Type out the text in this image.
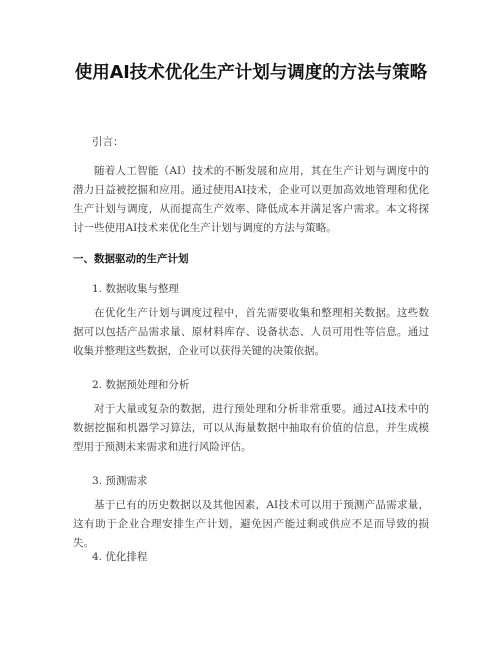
使用AI技术优化生产计划与调度的方法与策略

引言：

随着人工智能（AI）技术的不断发展和应用，其在生产计划与调度中的潜力日益被挖掘和应用。通过使用AI技术，企业可以更加高效地管理和优化生产计划与调度，从而提高生产效率、降低成本并满足客户需求。本文将探讨一些使用AI技术来优化生产计划与调度的方法与策略。

一、数据驱动的生产计划

1. 数据收集与整理

在优化生产计划与调度过程中，首先需要收集和整理相关数据。这些数据可以包括产品需求量、原材料库存、设备状态、人员可用性等信息。通过收集并整理这些数据，企业可以获得关键的决策依据。

2. 数据预处理和分析

对于大量或复杂的数据，进行预处理和分析非常重要。通过AI技术中的数据挖掘和机器学习算法，可以从海量数据中抽取有价值的信息，并生成模型用于预测未来需求和进行风险评估。

3. 预测需求

基于已有的历史数据以及其他因素，AI技术可以用于预测产品需求量，这有助于企业合理安排生产计划，避免因产能过剩或供应不足而导致的损失。

4. 优化排程
